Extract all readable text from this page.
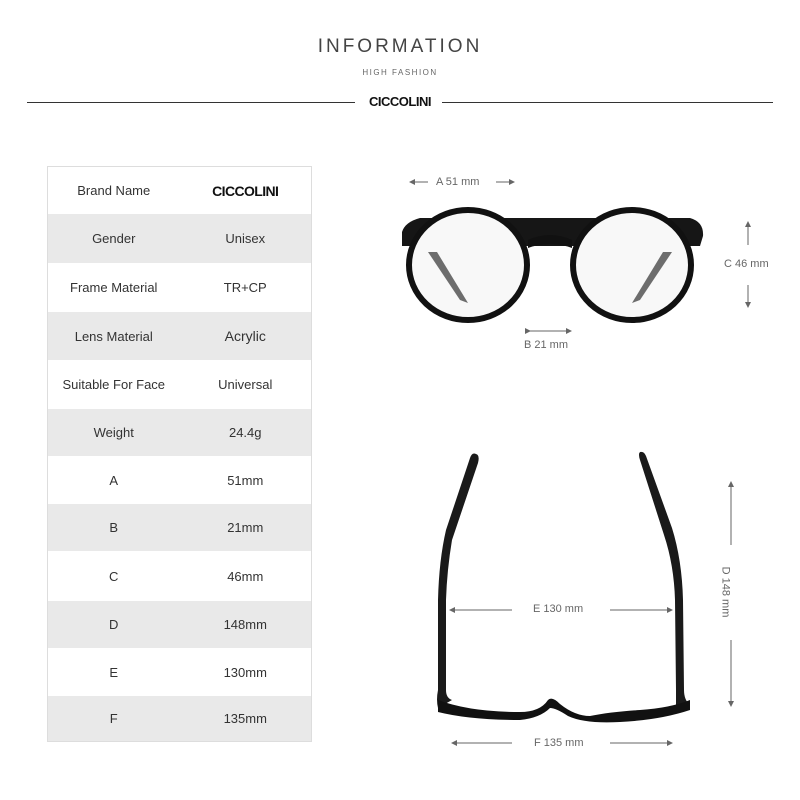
INFORMATION
HIGH FASHION
CICCOLINI
Brand Name	CICCOLINI
Gender	Unisex
Frame Material	TR+CP
Lens Material	Acrylic
Suitable For Face	Universal
Weight	24.4g
A	51mm
B	21mm
C	46mm
D	148mm
E	130mm
F	135mm
A 51 mm
B 21 mm
C 46 mm
D 148 mm
E 130 mm
F 135 mm
